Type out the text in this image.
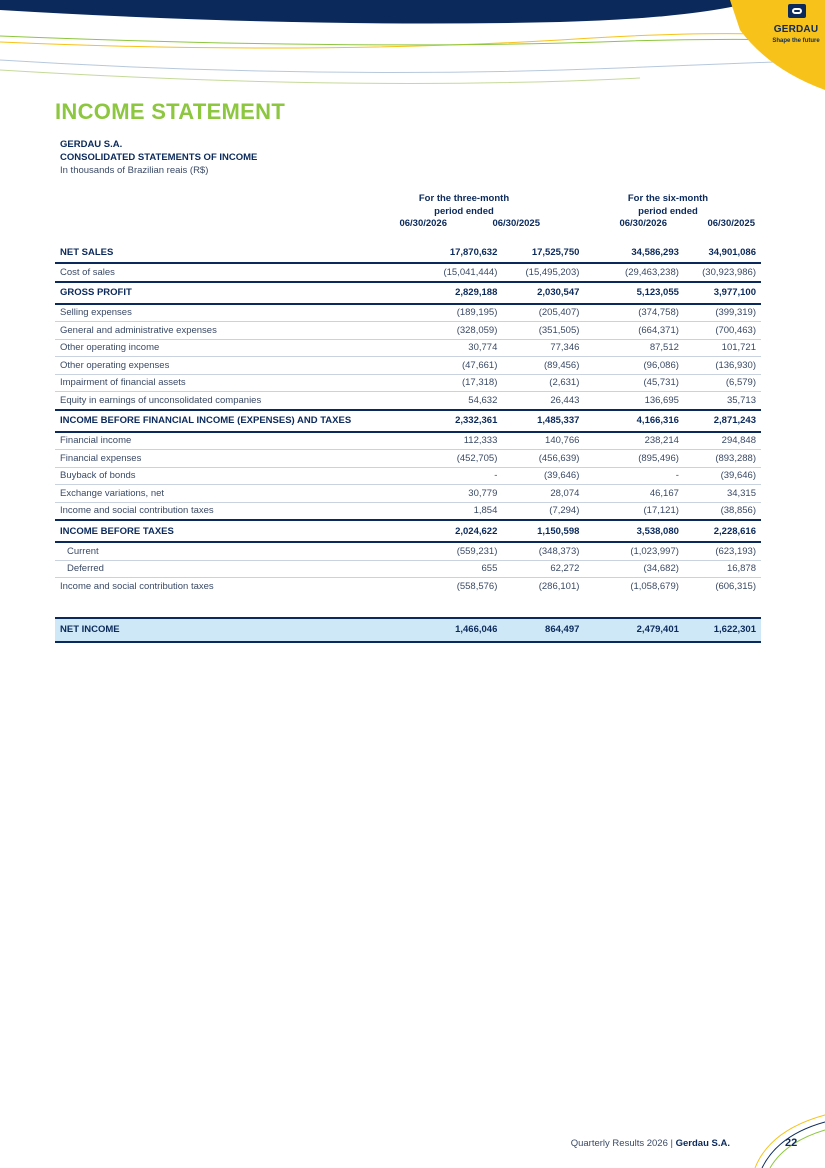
GERDAU
Shape the future
INCOME STATEMENT
GERDAU S.A.
CONSOLIDATED STATEMENTS OF INCOME
In thousands of Brazilian reais (R$)
For the three-month
period ended
For the six-month
period ended
06/30/2026	06/30/2025	06/30/2026	06/30/2025
NET SALES	17,870,632	17,525,750	34,586,293	34,901,086
Cost of sales	(15,041,444)	(15,495,203)	(29,463,238)	(30,923,986)
GROSS PROFIT	2,829,188	2,030,547	5,123,055	3,977,100
Selling expenses	(189,195)	(205,407)	(374,758)	(399,319)
General and administrative expenses	(328,059)	(351,505)	(664,371)	(700,463)
Other operating income	30,774	77,346	87,512	101,721
Other operating expenses	(47,661)	(89,456)	(96,086)	(136,930)
Impairment of financial assets	(17,318)	(2,631)	(45,731)	(6,579)
Equity in earnings of unconsolidated companies	54,632	26,443	136,695	35,713
INCOME BEFORE FINANCIAL INCOME (EXPENSES) AND TAXES	2,332,361	1,485,337	4,166,316	2,871,243
Financial income	112,333	140,766	238,214	294,848
Financial expenses	(452,705)	(456,639)	(895,496)	(893,288)
Buyback of bonds	-	(39,646)	-	(39,646)
Exchange variations, net	30,779	28,074	46,167	34,315
Income and social contribution taxes	1,854	(7,294)	(17,121)	(38,856)
INCOME BEFORE TAXES	2,024,622	1,150,598	3,538,080	2,228,616
Current	(559,231)	(348,373)	(1,023,997)	(623,193)
Deferred	655	62,272	(34,682)	16,878
Income and social contribution taxes	(558,576)	(286,101)	(1,058,679)	(606,315)

NET INCOME	1,466,046	864,497	2,479,401	1,622,301
Quarterly Results 2026 | Gerdau S.A.	22
